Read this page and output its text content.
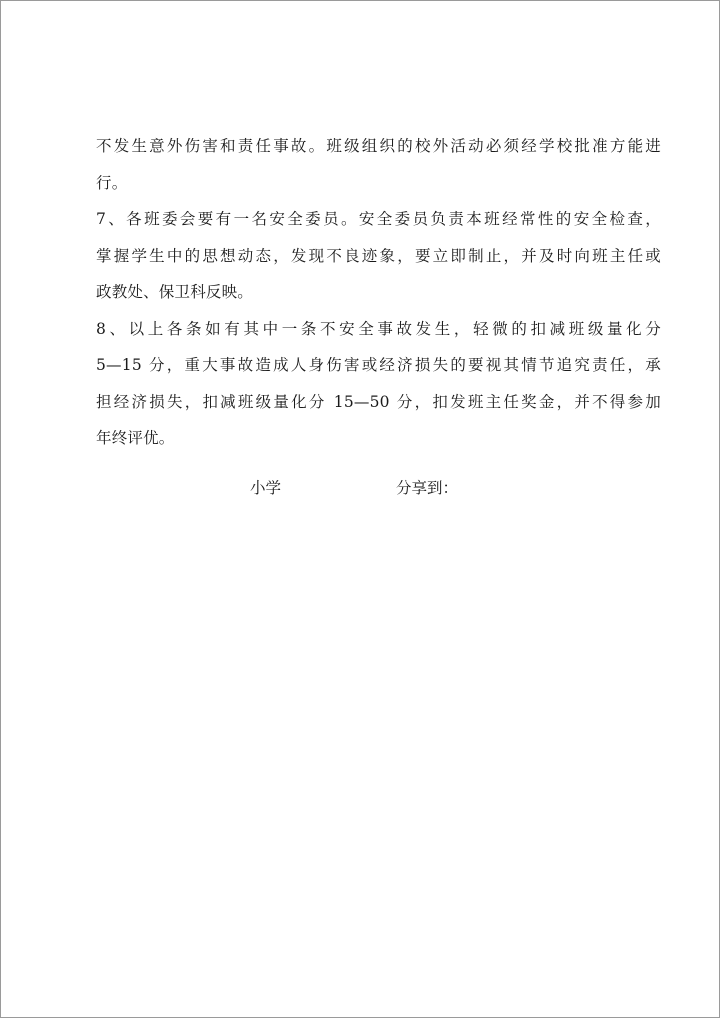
不发生意外伤害和责任事故。班级组织的校外活动必须经学校批准方能进
行。
7、各班委会要有一名安全委员。安全委员负责本班经常性的安全检查，
掌握学生中的思想动态，发现不良迹象，要立即制止，并及时向班主任或
政教处、保卫科反映。
8、以上各条如有其中一条不安全事故发生，轻微的扣减班级量化分
5—15 分，重大事故造成人身伤害或经济损失的要视其情节追究责任，承
担经济损失，扣减班级量化分 15—50 分，扣发班主任奖金，并不得参加
年终评优。
小学	分享到：
